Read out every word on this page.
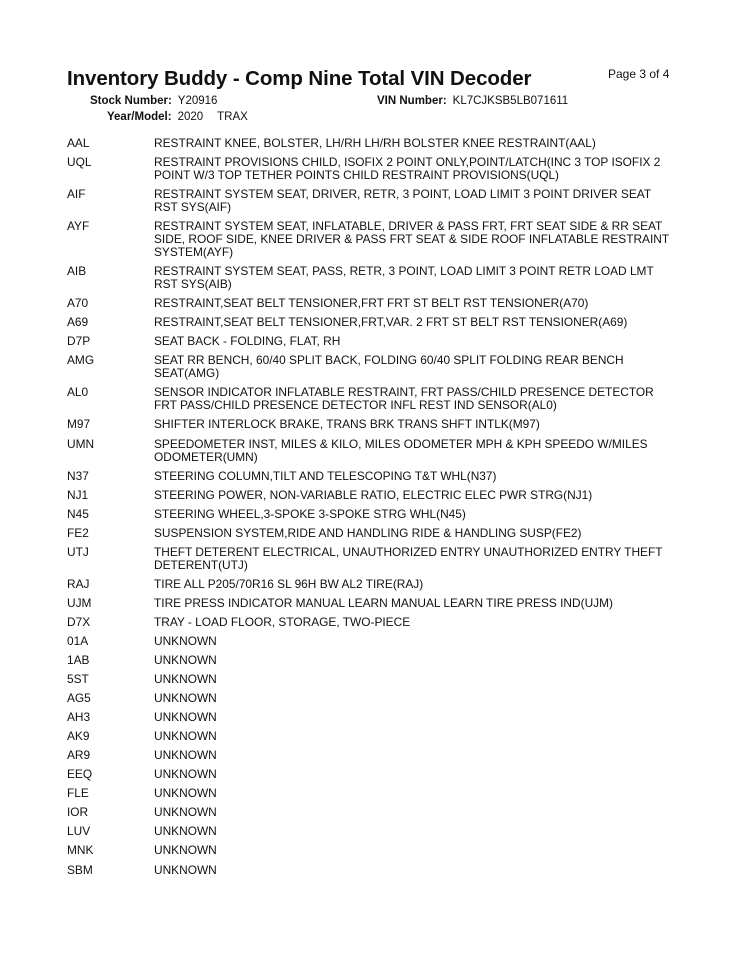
Inventory Buddy - Comp Nine Total VIN Decoder	Page 3 of 4
Stock Number: Y20916	VIN Number: KL7CJKSB5LB071611
Year/Model: 2020 TRAX
AAL	RESTRAINT KNEE, BOLSTER, LH/RH LH/RH BOLSTER KNEE RESTRAINT(AAL)
UQL	RESTRAINT PROVISIONS CHILD, ISOFIX 2 POINT ONLY,POINT/LATCH(INC 3 TOP ISOFIX 2 POINT W/3 TOP TETHER POINTS CHILD RESTRAINT PROVISIONS(UQL)
AIF	RESTRAINT SYSTEM SEAT, DRIVER, RETR, 3 POINT, LOAD LIMIT 3 POINT DRIVER SEAT RST SYS(AIF)
AYF	RESTRAINT SYSTEM SEAT, INFLATABLE, DRIVER & PASS FRT, FRT SEAT SIDE & RR SEAT SIDE, ROOF SIDE, KNEE DRIVER & PASS FRT SEAT & SIDE ROOF INFLATABLE RESTRAINT SYSTEM(AYF)
AIB	RESTRAINT SYSTEM SEAT, PASS, RETR, 3 POINT, LOAD LIMIT 3 POINT RETR LOAD LMT RST SYS(AIB)
A70	RESTRAINT,SEAT BELT TENSIONER,FRT FRT ST BELT RST TENSIONER(A70)
A69	RESTRAINT,SEAT BELT TENSIONER,FRT,VAR. 2 FRT ST BELT RST TENSIONER(A69)
D7P	SEAT BACK - FOLDING, FLAT, RH
AMG	SEAT RR BENCH, 60/40 SPLIT BACK, FOLDING 60/40 SPLIT FOLDING REAR BENCH SEAT(AMG)
AL0	SENSOR INDICATOR INFLATABLE RESTRAINT, FRT PASS/CHILD PRESENCE DETECTOR FRT PASS/CHILD PRESENCE DETECTOR INFL REST IND SENSOR(AL0)
M97	SHIFTER INTERLOCK BRAKE, TRANS BRK TRANS SHFT INTLK(M97)
UMN	SPEEDOMETER INST, MILES & KILO, MILES ODOMETER MPH & KPH SPEEDO W/MILES ODOMETER(UMN)
N37	STEERING COLUMN,TILT AND TELESCOPING T&T WHL(N37)
NJ1	STEERING POWER, NON-VARIABLE RATIO, ELECTRIC ELEC PWR STRG(NJ1)
N45	STEERING WHEEL,3-SPOKE 3-SPOKE STRG WHL(N45)
FE2	SUSPENSION SYSTEM,RIDE AND HANDLING RIDE & HANDLING SUSP(FE2)
UTJ	THEFT DETERENT ELECTRICAL, UNAUTHORIZED ENTRY UNAUTHORIZED ENTRY THEFT DETERENT(UTJ)
RAJ	TIRE ALL P205/70R16 SL 96H BW AL2 TIRE(RAJ)
UJM	TIRE PRESS INDICATOR MANUAL LEARN MANUAL LEARN TIRE PRESS IND(UJM)
D7X	TRAY - LOAD FLOOR, STORAGE, TWO-PIECE
01A	UNKNOWN
1AB	UNKNOWN
5ST	UNKNOWN
AG5	UNKNOWN
AH3	UNKNOWN
AK9	UNKNOWN
AR9	UNKNOWN
EEQ	UNKNOWN
FLE	UNKNOWN
IOR	UNKNOWN
LUV	UNKNOWN
MNK	UNKNOWN
SBM	UNKNOWN
